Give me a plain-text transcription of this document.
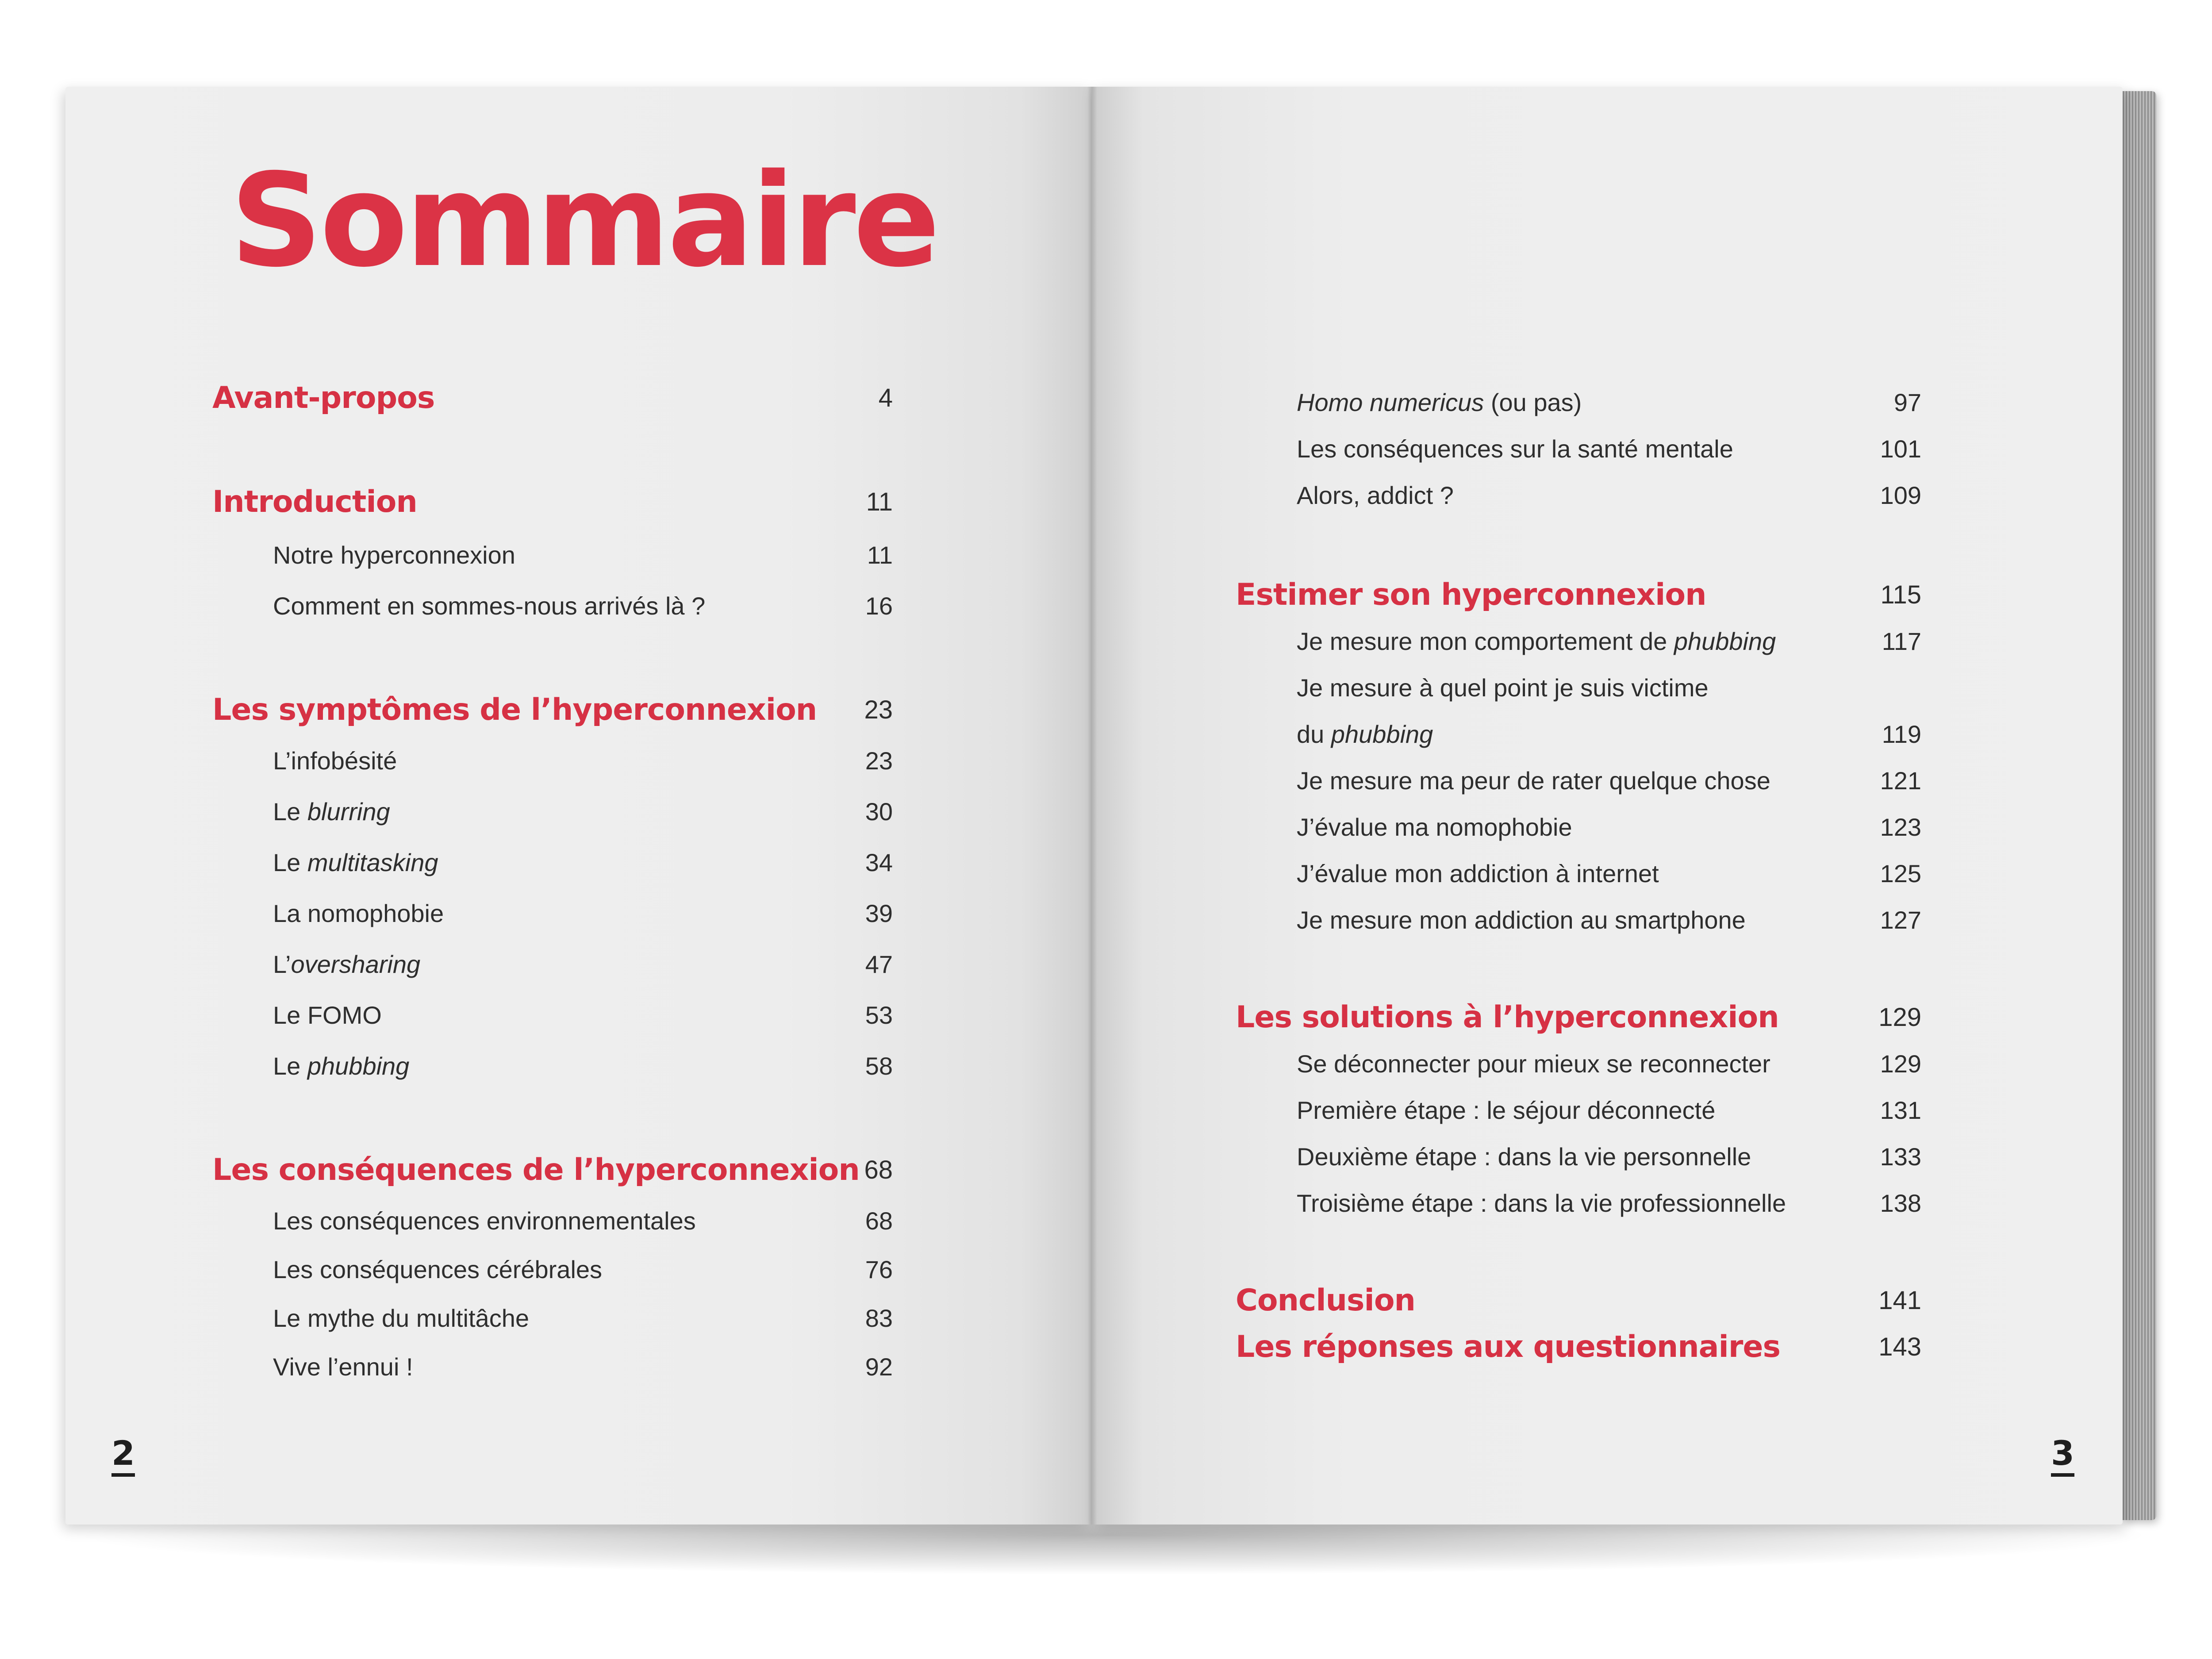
Sommaire
Avant-propos	4
Introduction	11
Notre hyperconnexion	11
Comment en sommes-nous arrivés là ?	16
Les symptômes de l’hyperconnexion 23
L’infobésité	23
Le blurring	30
Le multitasking	34
La nomophobie	39
L’oversharing	47
Le FOMO	53
Le phubbing	58
Les conséquences de l’hyperconnexion 68
Les conséquences environnementales	68
Les conséquences cérébrales	76
Le mythe du multitâche	83
Vive l’ennui !	92
Homo numericus (ou pas)	97
Les conséquences sur la santé mentale	101
Alors, addict ?	109
Estimer son hyperconnexion	115
Je mesure mon comportement de phubbing	117
Je mesure à quel point je suis victime
du phubbing	119
Je mesure ma peur de rater quelque chose	121
J’évalue ma nomophobie	123
J’évalue mon addiction à internet	125
Je mesure mon addiction au smartphone	127
Les solutions à l’hyperconnexion	129
Se déconnecter pour mieux se reconnecter	129
Première étape : le séjour déconnecté	131
Deuxième étape : dans la vie personnelle	133
Troisième étape : dans la vie professionnelle	138
Conclusion	141
Les réponses aux questionnaires	143
2	3
